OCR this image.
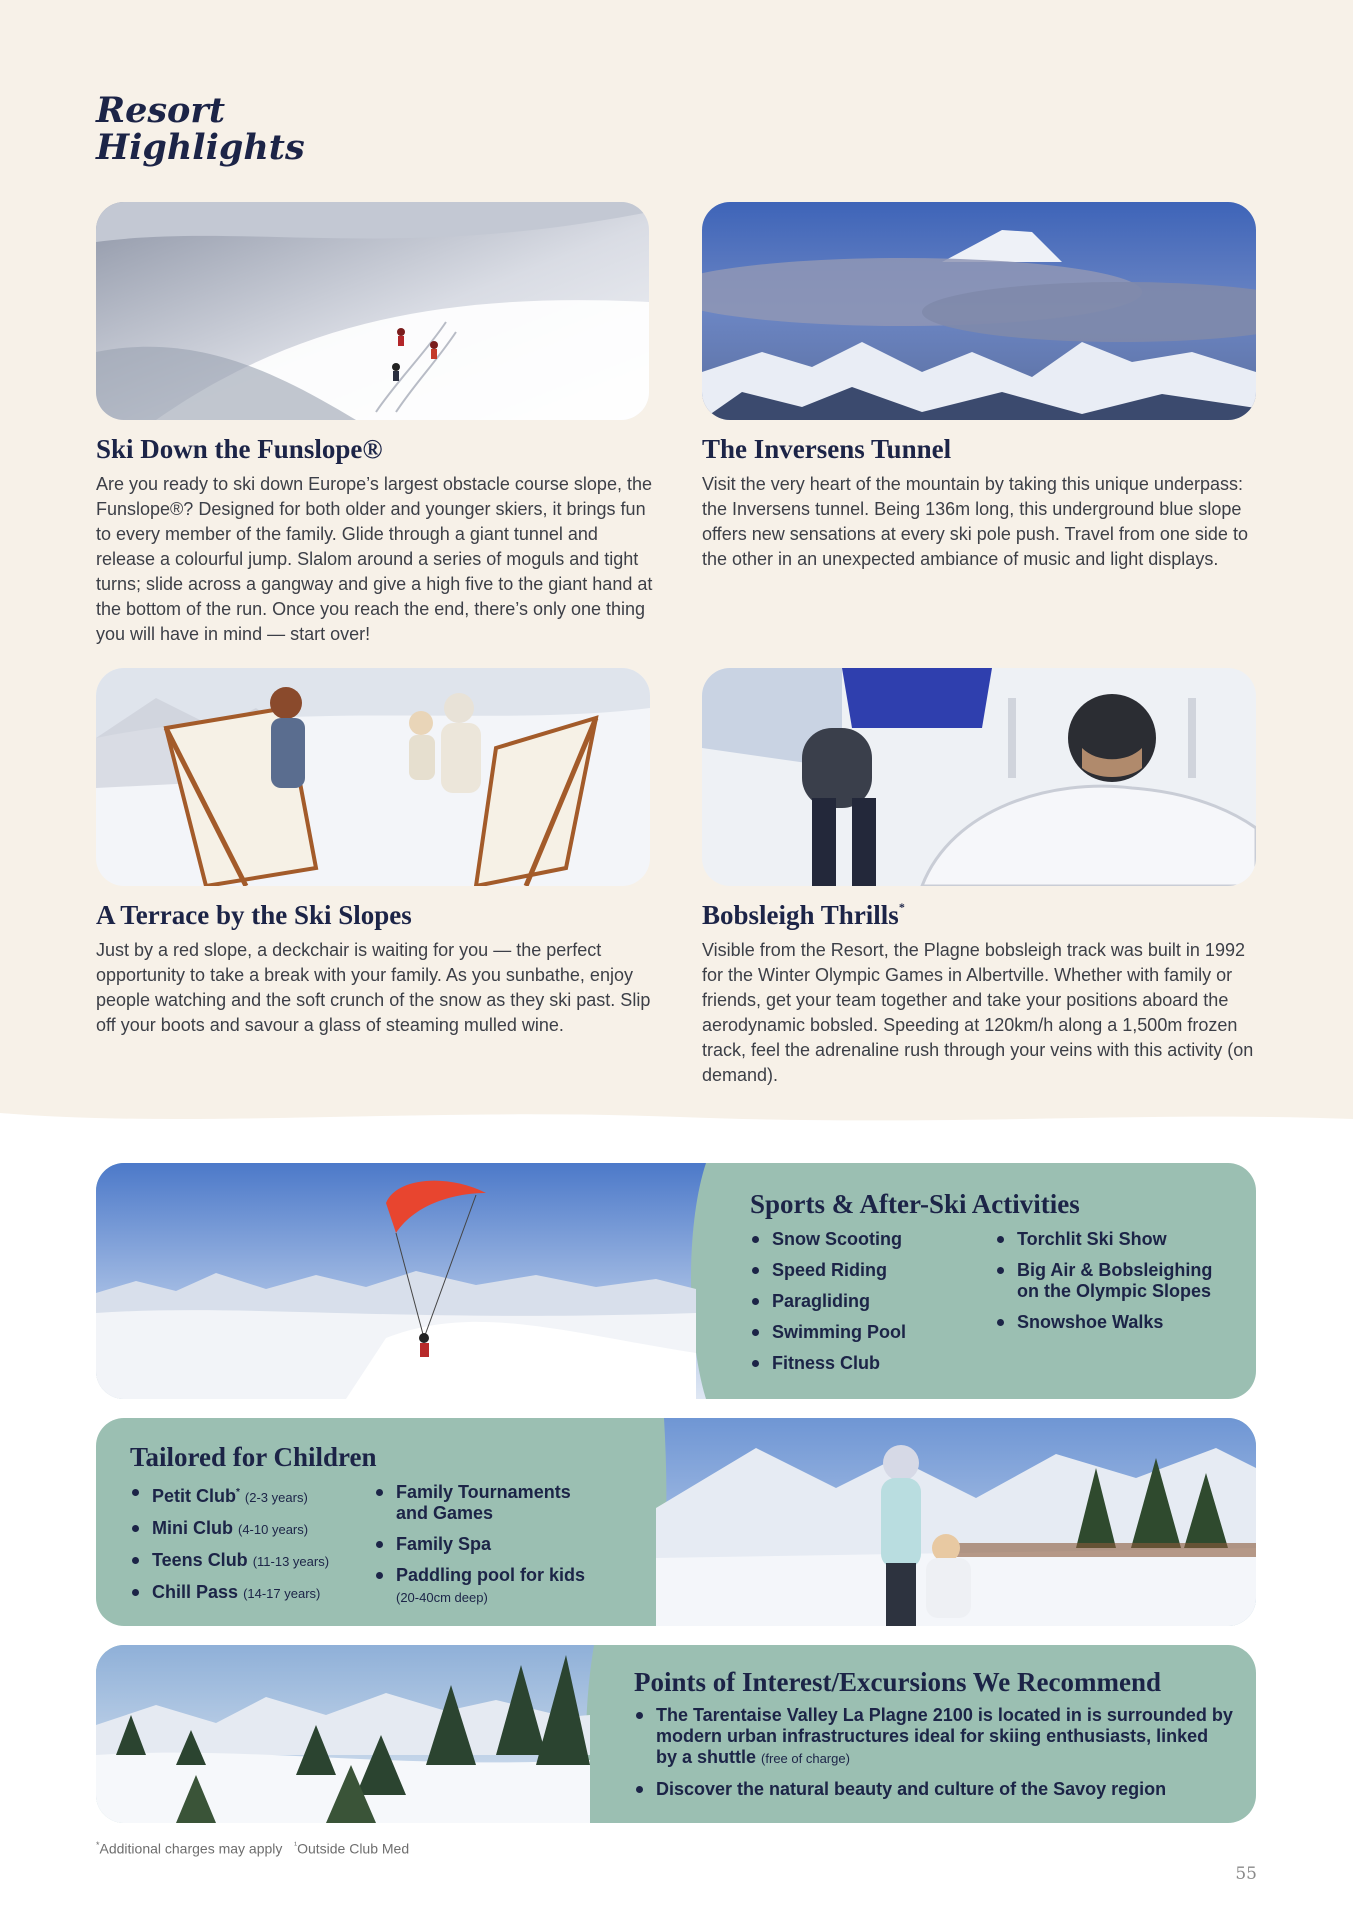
Resort
Highlights
Ski Down the Funslope®

Are you ready to ski down Europe’s largest obstacle course slope, the Funslope®? Designed for both older and younger skiers, it brings fun to every member of the family. Glide through a giant tunnel and release a colourful jump. Slalom around a series of moguls and tight turns; slide across a gangway and give a high five to the giant hand at the bottom of the run. Once you reach the end, there’s only one thing you will have in mind — start over!

The Inversens Tunnel

Visit the very heart of the mountain by taking this unique underpass: the Inversens tunnel. Being 136m long, this underground blue slope offers new sensations at every ski pole push. Travel from one side to the other in an unexpected ambiance of music and light displays.

A Terrace by the Ski Slopes

Just by a red slope, a deckchair is waiting for you — the perfect opportunity to take a break with your family. As you sunbathe, enjoy people watching and the soft crunch of the snow as they ski past. Slip off your boots and savour a glass of steaming mulled wine.

Bobsleigh Thrills*

Visible from the Resort, the Plagne bobsleigh track was built in 1992 for the Winter Olympic Games in Albertville. Whether with family or friends, get your team together and take your positions aboard the aerodynamic bobsled. Speeding at 120km/h along a 1,500m frozen track, feel the adrenaline rush through your veins with this activity (on demand).

Sports & After-Ski Activities
Snow Scooting
Speed Riding
Paragliding
Swimming Pool
Fitness Club
Torchlit Ski Show
Big Air & Bobsleighing on the Olympic Slopes
Snowshoe Walks
Tailored for Children
Petit Club* (2-3 years)
Mini Club (4-10 years)
Teens Club (11-13 years)
Chill Pass (14-17 years)
Family Tournaments and Games
Family Spa
Paddling pool for kids
(20-40cm deep)
Points of Interest/Excursions We Recommend
The Tarentaise Valley La Plagne 2100 is located in is surrounded by modern urban infrastructures ideal for skiing enthusiasts, linked by a shuttle (free of charge)
Discover the natural beauty and culture of the Savoy region
*Additional charges may apply $^{^1}$Outside Club Med
55
